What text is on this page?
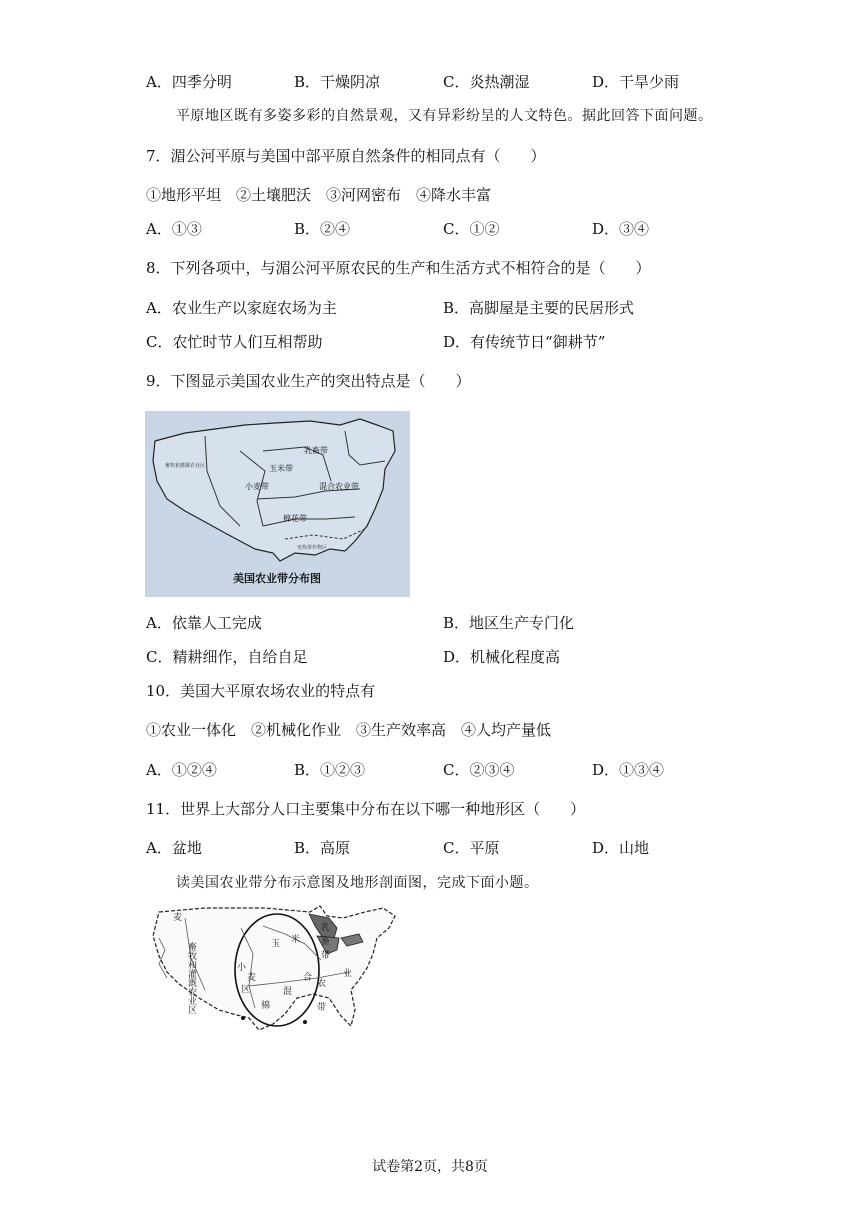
A．四季分明	B．干燥阴凉	C．炎热潮湿	D．干旱少雨
平原地区既有多姿多彩的自然景观，又有异彩纷呈的人文特色。据此回答下面问题。
7．湄公河平原与美国中部平原自然条件的相同点有（　　）
①地形平坦　②土壤肥沃　③河网密布　④降水丰富
A．①③	B．②④	C．①②	D．③④
8．下列各项中，与湄公河平原农民的生产和生活方式不相符合的是（　　）
A．农业生产以家庭农场为主	B．高脚屋是主要的民居形式
C．农忙时节人们互相帮助	D．有传统节日“御耕节”
9．下图显示美国农业生产的突出特点是（　　）
乳畜带
玉米带
小麦带	混合农业带
棉花带
畜牧和灌溉农业区
亚热带作物区
美国农业带分布图
A．依靠人工完成	B．地区生产专门化
C．精耕细作，自给自足	D．机械化程度高
10．美国大平原农场农业的特点有
①农业一体化　②机械化作业　③生产效率高　④人均产量低
A．①②④	B．①②③	C．②③④	D．①③④
11．世界上大部分人口主要集中分布在以下哪一种地形区（　　）
A．盆地	B．高原	C．平原	D．山地
读美国农业带分布示意图及地形剖面图，完成下面小题。
麦
畜牧和灌溉农业区	玉 米
乳
畜
带
小
麦
区	混
合
农
业
棉	带
试卷第2页，共8页
